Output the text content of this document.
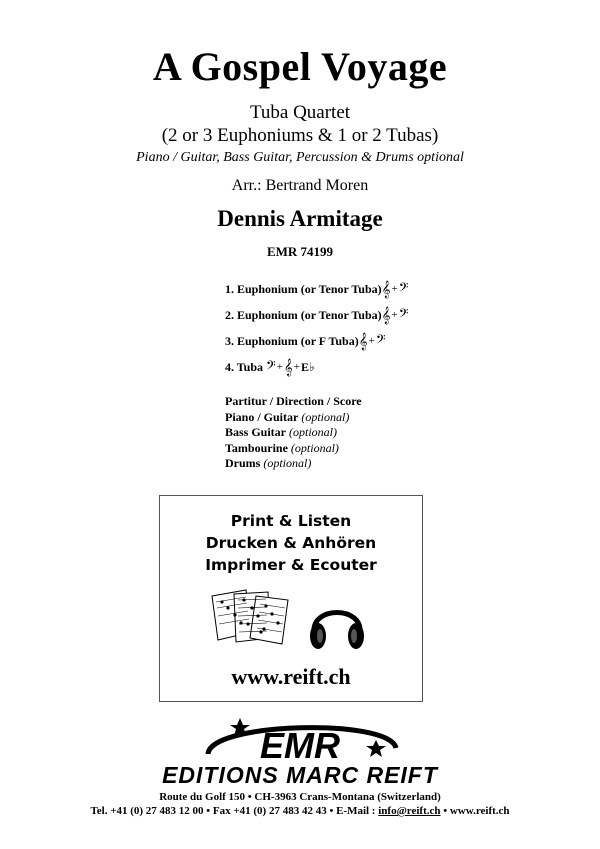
A Gospel Voyage
Tuba Quartet
(2 or 3 Euphoniums & 1 or 2 Tubas)
Piano / Guitar, Bass Guitar, Percussion & Drums optional
Arr.: Bertrand Moren
Dennis Armitage
EMR 74199
1. Euphonium (or Tenor Tuba) 𝄞 + 𝄢
2. Euphonium (or Tenor Tuba) 𝄞 + 𝄢
3. Euphonium (or F Tuba) 𝄞 + 𝄢
4. Tuba
𝄢 + 𝄞 + E♭
Partitur / Direction / Score
Piano / Guitar (optional)
Bass Guitar (optional)
Tambourine (optional)
Drums (optional)
Print & Listen
Drucken & Anhören
Imprimer & Ecouter
www.reift.ch
EMR
EDITIONS MARC REIFT
Route du Golf 150 • CH-3963 Crans-Montana (Switzerland)
Tel. +41 (0) 27 483 12 00 • Fax +41 (0) 27 483 42 43 • E-Mail : info@reift.ch • www.reift.ch
